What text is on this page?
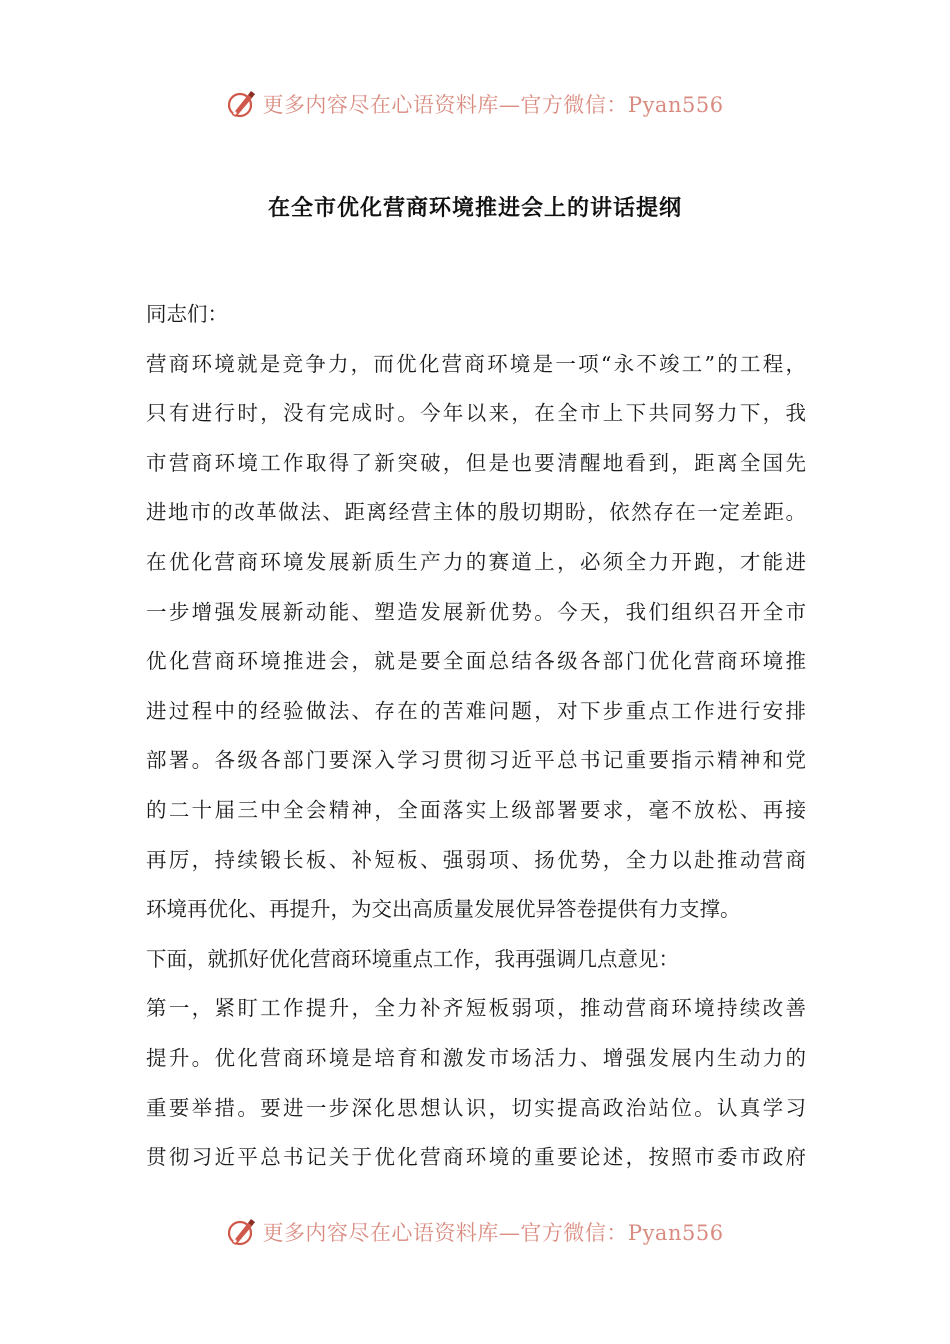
更多内容尽在心语资料库—官方微信：Pyan556
在全市优化营商环境推进会上的讲话提纲
同志们：
营商环境就是竞争力，而优化营商环境是一项“永不竣工”的工程，
只有进行时，没有完成时。今年以来，在全市上下共同努力下，我
市营商环境工作取得了新突破，但是也要清醒地看到，距离全国先
进地市的改革做法、距离经营主体的殷切期盼，依然存在一定差距。
在优化营商环境发展新质生产力的赛道上，必须全力开跑，才能进
一步增强发展新动能、塑造发展新优势。今天，我们组织召开全市
优化营商环境推进会，就是要全面总结各级各部门优化营商环境推
进过程中的经验做法、存在的苦难问题，对下步重点工作进行安排
部署。各级各部门要深入学习贯彻习近平总书记重要指示精神和党
的二十届三中全会精神，全面落实上级部署要求，毫不放松、再接
再厉，持续锻长板、补短板、强弱项、扬优势，全力以赴推动营商
环境再优化、再提升，为交出高质量发展优异答卷提供有力支撑。
下面，就抓好优化营商环境重点工作，我再强调几点意见：
第一，紧盯工作提升，全力补齐短板弱项，推动营商环境持续改善
提升。优化营商环境是培育和激发市场活力、增强发展内生动力的
重要举措。要进一步深化思想认识，切实提高政治站位。认真学习
贯彻习近平总书记关于优化营商环境的重要论述，按照市委市政府
更多内容尽在心语资料库—官方微信：Pyan556
